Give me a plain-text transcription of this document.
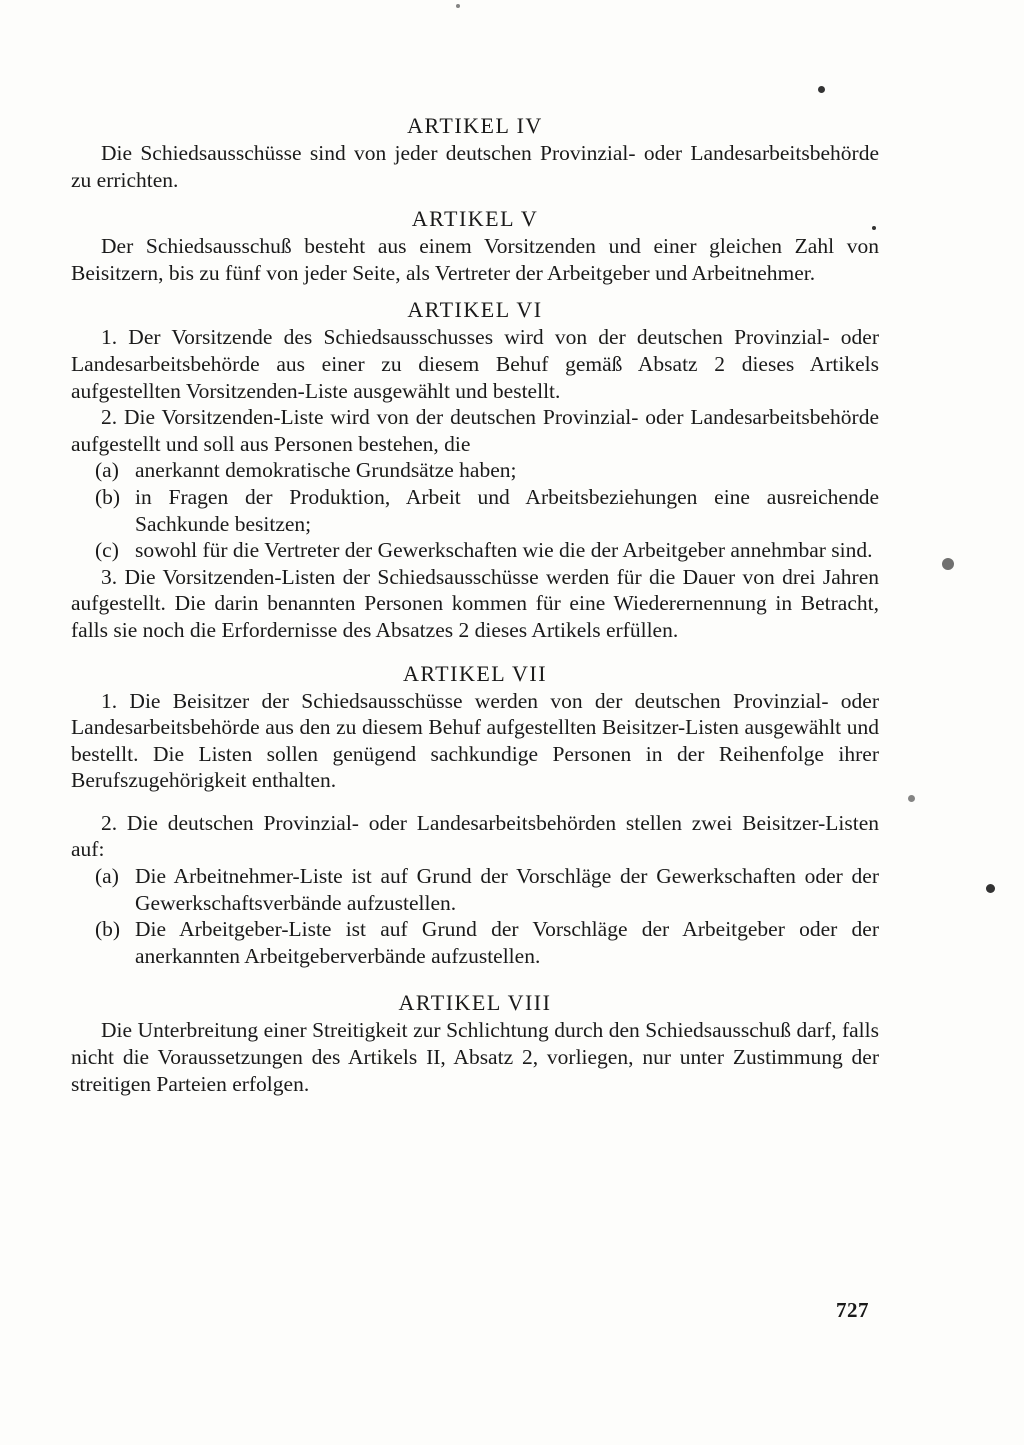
ARTIKEL IV

Die Schiedsausschüsse sind von jeder deutschen Provinzial- oder Landesarbeitsbehörde zu errichten.

ARTIKEL V

Der Schiedsausschuß besteht aus einem Vorsitzenden und einer gleichen Zahl von Beisitzern, bis zu fünf von jeder Seite, als Vertreter der Arbeitgeber und Arbeitnehmer.

ARTIKEL VI

1. Der Vorsitzende des Schiedsausschusses wird von der deutschen Provinzial- oder Landesarbeitsbehörde aus einer zu diesem Behuf gemäß Absatz 2 dieses Artikels aufgestellten Vorsitzenden-Liste ausgewählt und bestellt.

2. Die Vorsitzenden-Liste wird von der deutschen Provinzial- oder Landesarbeitsbehörde aufgestellt und soll aus Personen bestehen, die

(a) anerkannt demokratische Grundsätze haben;
(b) in Fragen der Produktion, Arbeit und Arbeitsbeziehungen eine ausreichende Sachkunde besitzen;
(c) sowohl für die Vertreter der Gewerkschaften wie die der Arbeitgeber annehmbar sind.

3. Die Vorsitzenden-Listen der Schiedsausschüsse werden für die Dauer von drei Jahren aufgestellt. Die darin benannten Personen kommen für eine Wiederernennung in Betracht, falls sie noch die Erfordernisse des Absatzes 2 dieses Artikels erfüllen.

ARTIKEL VII

1. Die Beisitzer der Schiedsausschüsse werden von der deutschen Provinzial- oder Landesarbeitsbehörde aus den zu diesem Behuf aufgestellten Beisitzer-Listen ausgewählt und bestellt. Die Listen sollen genügend sachkundige Personen in der Reihenfolge ihrer Berufszugehörigkeit enthalten.

2. Die deutschen Provinzial- oder Landesarbeitsbehörden stellen zwei Beisitzer-Listen auf:

(a) Die Arbeitnehmer-Liste ist auf Grund der Vorschläge der Gewerkschaften oder der Gewerkschaftsverbände aufzustellen.
(b) Die Arbeitgeber-Liste ist auf Grund der Vorschläge der Arbeitgeber oder der anerkannten Arbeitgeberverbände aufzustellen.
ARTIKEL VIII

Die Unterbreitung einer Streitigkeit zur Schlichtung durch den Schiedsausschuß darf, falls nicht die Voraussetzungen des Artikels II, Absatz 2, vorliegen, nur unter Zustimmung der streitigen Parteien erfolgen.

727
